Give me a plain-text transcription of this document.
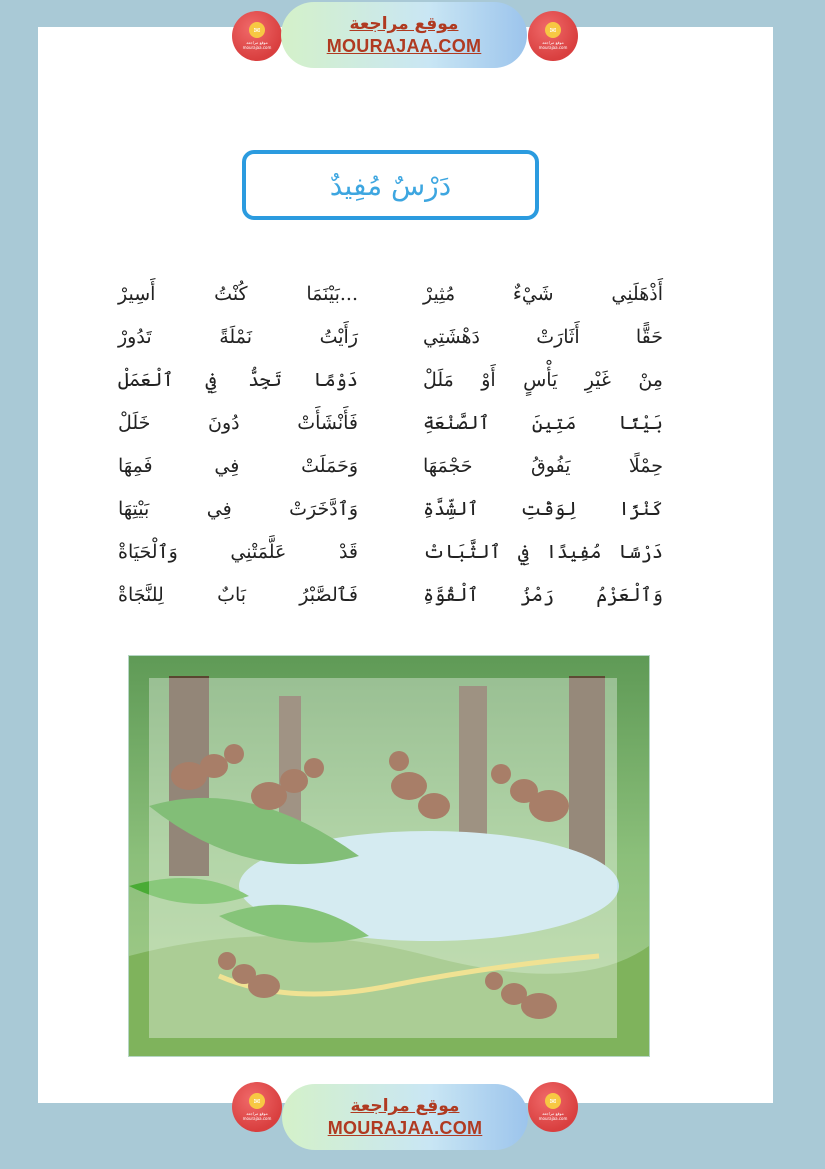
✉
موقع مراجعة mourajaa.com
موقع مراجعة
MOURAJAA.COM
✉
موقع مراجعة mourajaa.com
دَرْسٌ مُفِيدٌ
...بَيْنَمَا كُنْتُ أَسِيرْ	أَذْهَلَنِي شَيْءٌ مُثِيرْ
رَأَيْتُ نَمْلَةً تَدُورْ	حَقًّا أَثَارَتْ دَهْشَتِي
دَوْمًا تَجِدُّ فِي ٱلْعَمَلْ	مِنْ غَيْرِ يَأْسٍ أَوْ مَلَلْ
فَأَنْشَأَتْ دُونَ خَلَلْ	بَيْتًا مَتِينَ ٱلصَّنْعَةِ
وَحَمَلَتْ فِي فَمِهَا	حِمْلًا يَفُوقُ حَجْمَهَا
وَٱدَّخَرَتْ فِي بَيْتِهَا	كَنْزًا لِوَقْتِ ٱلشِّدَّةِ
قَدْ عَلَّمَتْنِي وَٱلْحَيَاةْ	دَرْسًا مُفِيدًا فِي ٱلثَّبَاتْ
فَٱلصَّبْرُ بَابٌ لِلنَّجَاةْ	وَٱلْعَزْمُ رَمْزُ ٱلْقُوَّةِ
✉
موقع مراجعة mourajaa.com
موقع مراجعة
MOURAJAA.COM
✉
موقع مراجعة mourajaa.com
